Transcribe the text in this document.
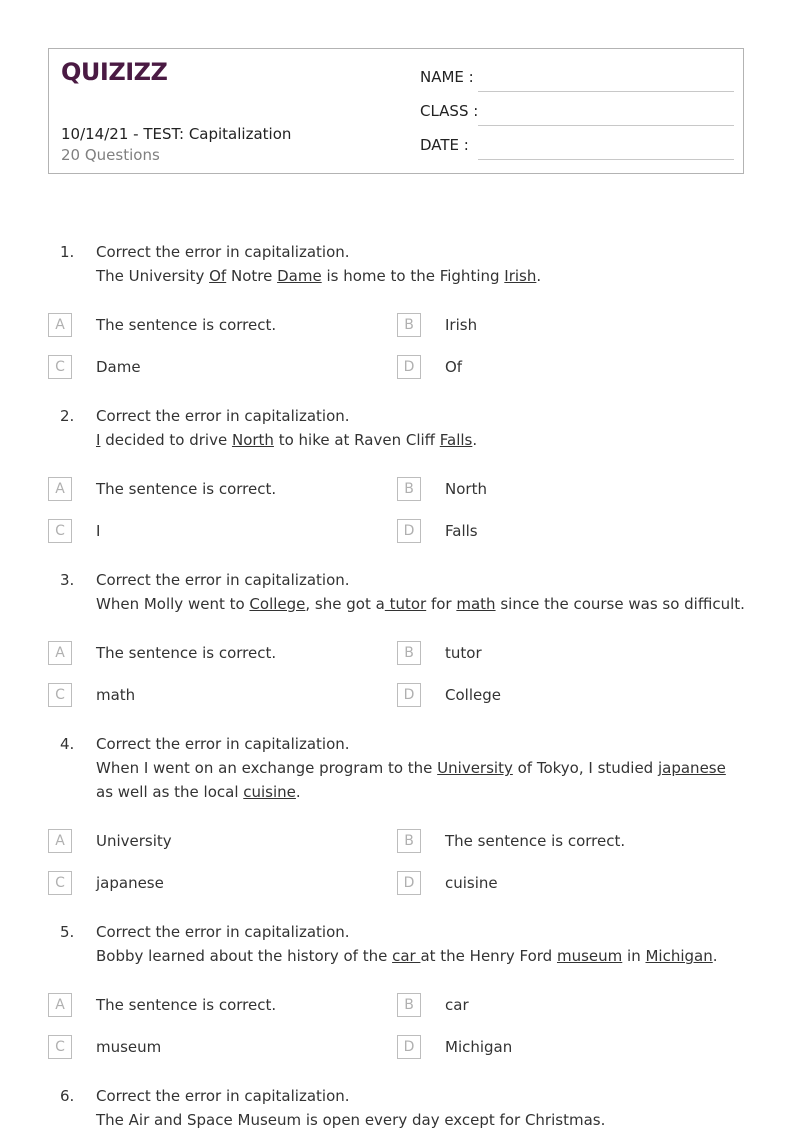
QUIZIZZ
10/14/21 - TEST: Capitalization
20 Questions
NAME :
CLASS :
DATE :
1. Correct the error in capitalization.
The University Of Notre Dame is home to the Fighting Irish.
A	The sentence is correct.	B	Irish
C	Dame	D	Of
2. Correct the error in capitalization.
I decided to drive North to hike at Raven Cliff Falls.
A	The sentence is correct.	B	North
C	I	D	Falls
3. Correct the error in capitalization.
When Molly went to College, she got a tutor for math since the course was so difficult.
A	The sentence is correct.	B	tutor
C	math	D	College
4. Correct the error in capitalization.
When I went on an exchange program to the University of Tokyo, I studied japanese as well as the local cuisine.
A	University	B	The sentence is correct.
C	japanese	D	cuisine
5. Correct the error in capitalization.
Bobby learned about the history of the car at the Henry Ford museum in Michigan.
A	The sentence is correct.	B	car
C	museum	D	Michigan
6. Correct the error in capitalization.
The Air and Space Museum is open every day except for Christmas.
